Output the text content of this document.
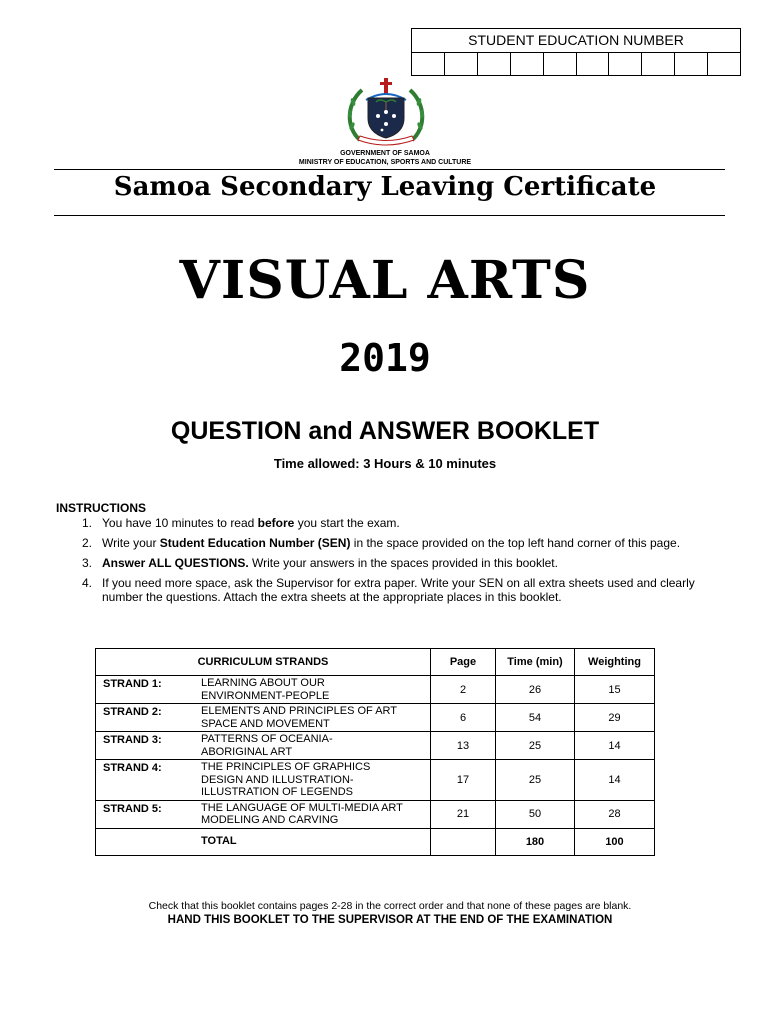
STUDENT EDUCATION NUMBER
GOVERNMENT OF SAMOA
MINISTRY OF EDUCATION, SPORTS AND CULTURE
Samoa Secondary Leaving Certificate
VISUAL ARTS
2019
QUESTION and ANSWER BOOKLET
Time allowed: 3 Hours & 10 minutes
INSTRUCTIONS
1. You have 10 minutes to read before you start the exam.
2. Write your Student Education Number (SEN) in the space provided on the top left hand corner of this page.
3. Answer ALL QUESTIONS. Write your answers in the spaces provided in this booklet.
4. If you need more space, ask the Supervisor for extra paper. Write your SEN on all extra sheets used and clearly number the questions. Attach the extra sheets at the appropriate places in this booklet.
CURRICULUM STRANDS		Page	Time (min)	Weighting
STRAND 1:	LEARNING ABOUT OUR
ENVIRONMENT-PEOPLE	2	26	15
STRAND 2:	ELEMENTS AND PRINCIPLES OF ART
SPACE AND MOVEMENT	6	54	29
STRAND 3:	PATTERNS OF OCEANIA-
ABORIGINAL ART	13	25	14
STRAND 4:	THE PRINCIPLES OF GRAPHICS
DESIGN AND ILLUSTRATION-
ILLUSTRATION OF LEGENDS	17	25	14
STRAND 5:	THE LANGUAGE OF MULTI-MEDIA ART
MODELING AND CARVING	21	50	28
	TOTAL		180	100
Check that this booklet contains pages 2-28 in the correct order and that none of these pages are blank.
HAND THIS BOOKLET TO THE SUPERVISOR AT THE END OF THE EXAMINATION
